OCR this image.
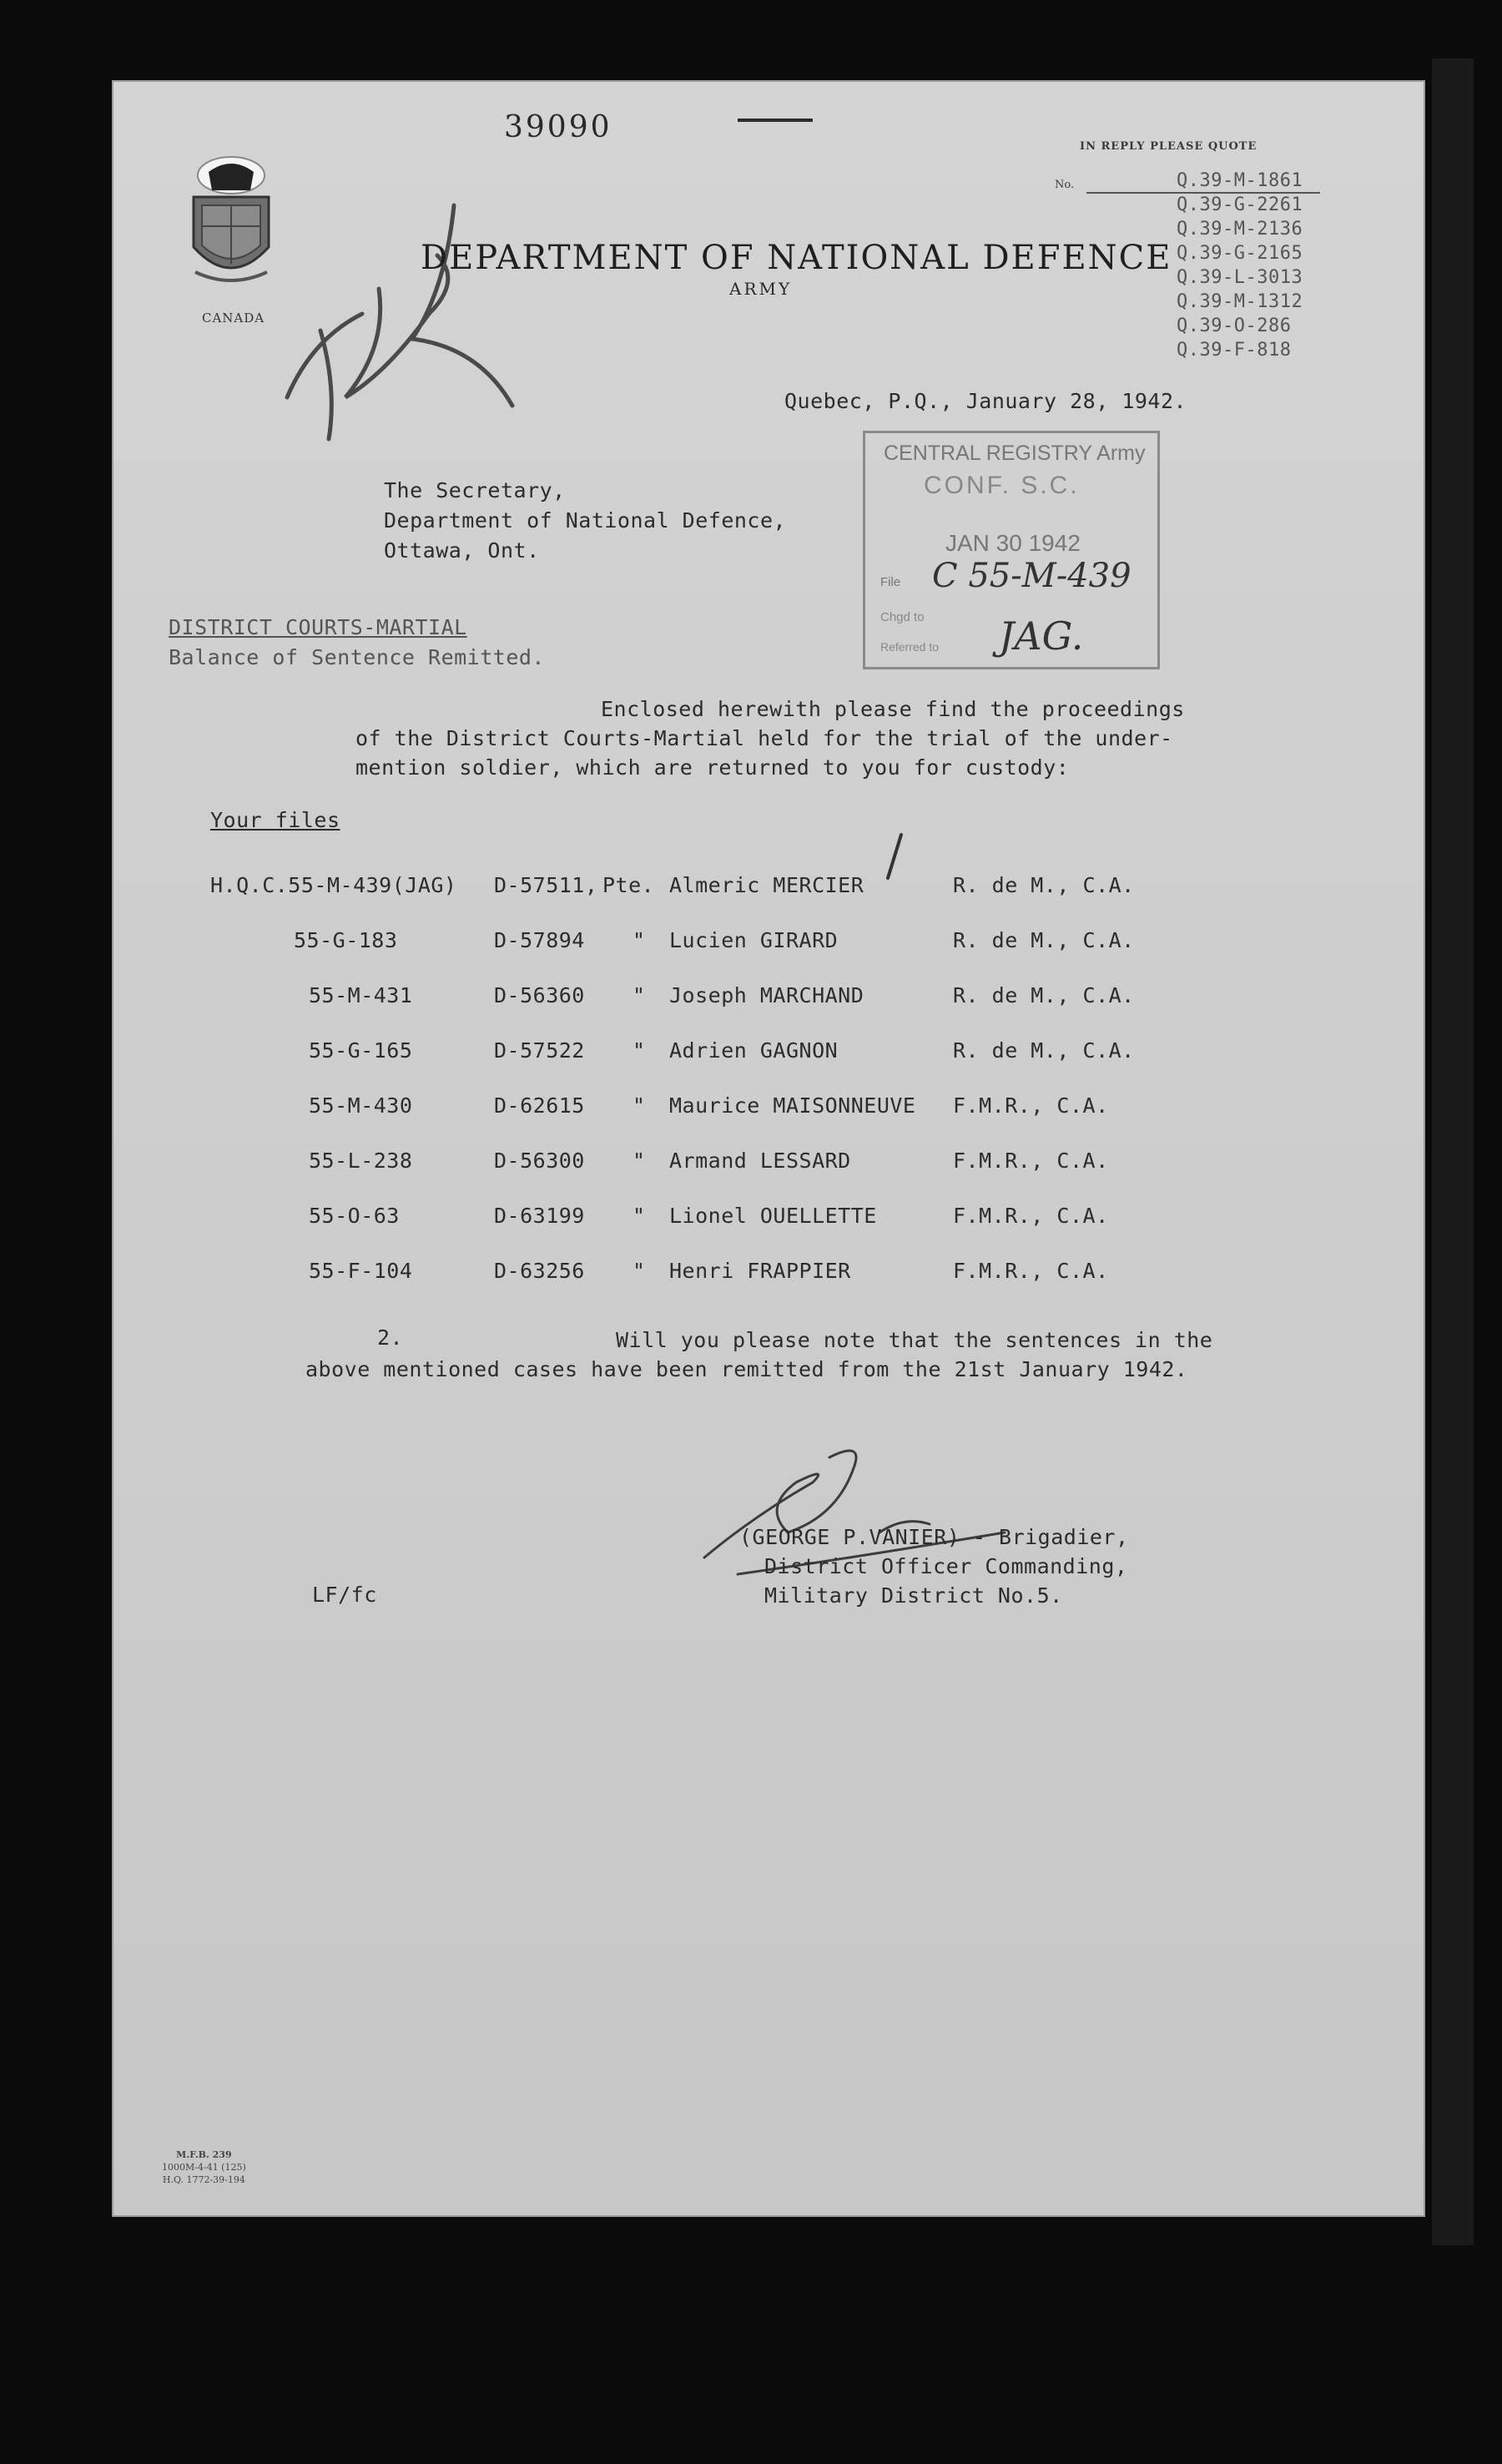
39090
IN REPLY PLEASE QUOTE
No.	Q.39-M-1861
Q.39-G-2261
Q.39-M-2136
Q.39-G-2165
Q.39-L-3013
Q.39-M-1312
Q.39-O-286
Q.39-F-818
CANADA
DEPARTMENT OF NATIONAL DEFENCE
ARMY
Quebec, P.Q., January 28, 1942.
The Secretary,
Department of National Defence,
Ottawa, Ont.
CENTRAL REGISTRY Army
CONF. S.C.
JAN 30 1942
File C 55-M-439
Chgd to
Referred to JAG.
DISTRICT COURTS-MARTIAL
Balance of Sentence Remitted.
Enclosed herewith please find the proceedings
of the District Courts-Martial held for the trial of the under-
mention soldier, which are returned to you for custody:
Your files
H.Q.C.55-M-439(JAG) D-57511, Pte. Almeric MERCIER	R. de M., C.A.
55-G-183	D-57894 " Lucien GIRARD	R. de M., C.A.
55-M-431	D-56360 " Joseph MARCHAND	R. de M., C.A.
55-G-165	D-57522 " Adrien GAGNON	R. de M., C.A.
55-M-430	D-62615 " Maurice MAISONNEUVE F.M.R., C.A.
55-L-238	D-56300 " Armand LESSARD	F.M.R., C.A.
55-O-63	D-63199 " Lionel OUELLETTE	F.M.R., C.A.
55-F-104	D-63256 " Henri FRAPPIER	F.M.R., C.A.
2.	Will you please note that the sentences in the
above mentioned cases have been remitted from the 21st January 1942.
(GEORGE P.VANIER) - Brigadier,
District Officer Commanding,
Military District No.5.
LF/fc
M.F.B. 239
1000M-4-41 (125)
H.Q. 1772-39-194
